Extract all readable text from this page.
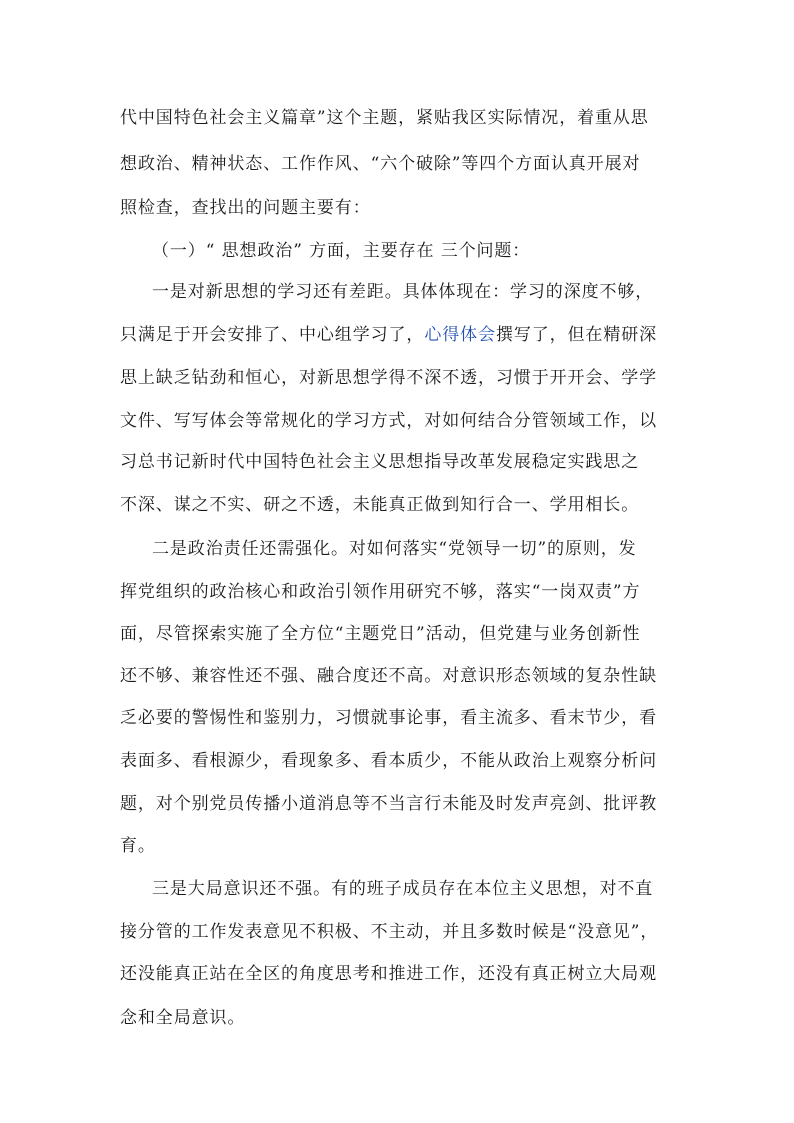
代中国特色社会主义篇章”这个主题，紧贴我区实际情况，着重从思
想政治、精神状态、工作作风、“六个破除”等四个方面认真开展对
照检查，查找出的问题主要有：
（一）“ 思想政治” 方面，主要存在 三个问题：
一是对新思想的学习还有差距。具体体现在：学习的深度不够，
只满足于开会安排了、中心组学习了，心得体会撰写了，但在精研深
思上缺乏钻劲和恒心，对新思想学得不深不透，习惯于开开会、学学
文件、写写体会等常规化的学习方式，对如何结合分管领域工作，以
习总书记新时代中国特色社会主义思想指导改革发展稳定实践思之
不深、谋之不实、研之不透，未能真正做到知行合一、学用相长。
二是政治责任还需强化。对如何落实“党领导一切”的原则，发
挥党组织的政治核心和政治引领作用研究不够，落实“一岗双责”方
面，尽管探索实施了全方位“主题党日”活动，但党建与业务创新性
还不够、兼容性还不强、融合度还不高。对意识形态领域的复杂性缺
乏必要的警惕性和鉴别力，习惯就事论事，看主流多、看末节少，看
表面多、看根源少，看现象多、看本质少，不能从政治上观察分析问
题，对个别党员传播小道消息等不当言行未能及时发声亮剑、批评教
育。
三是大局意识还不强。有的班子成员存在本位主义思想，对不直
接分管的工作发表意见不积极、不主动，并且多数时候是“没意见”，
还没能真正站在全区的角度思考和推进工作，还没有真正树立大局观
念和全局意识。
